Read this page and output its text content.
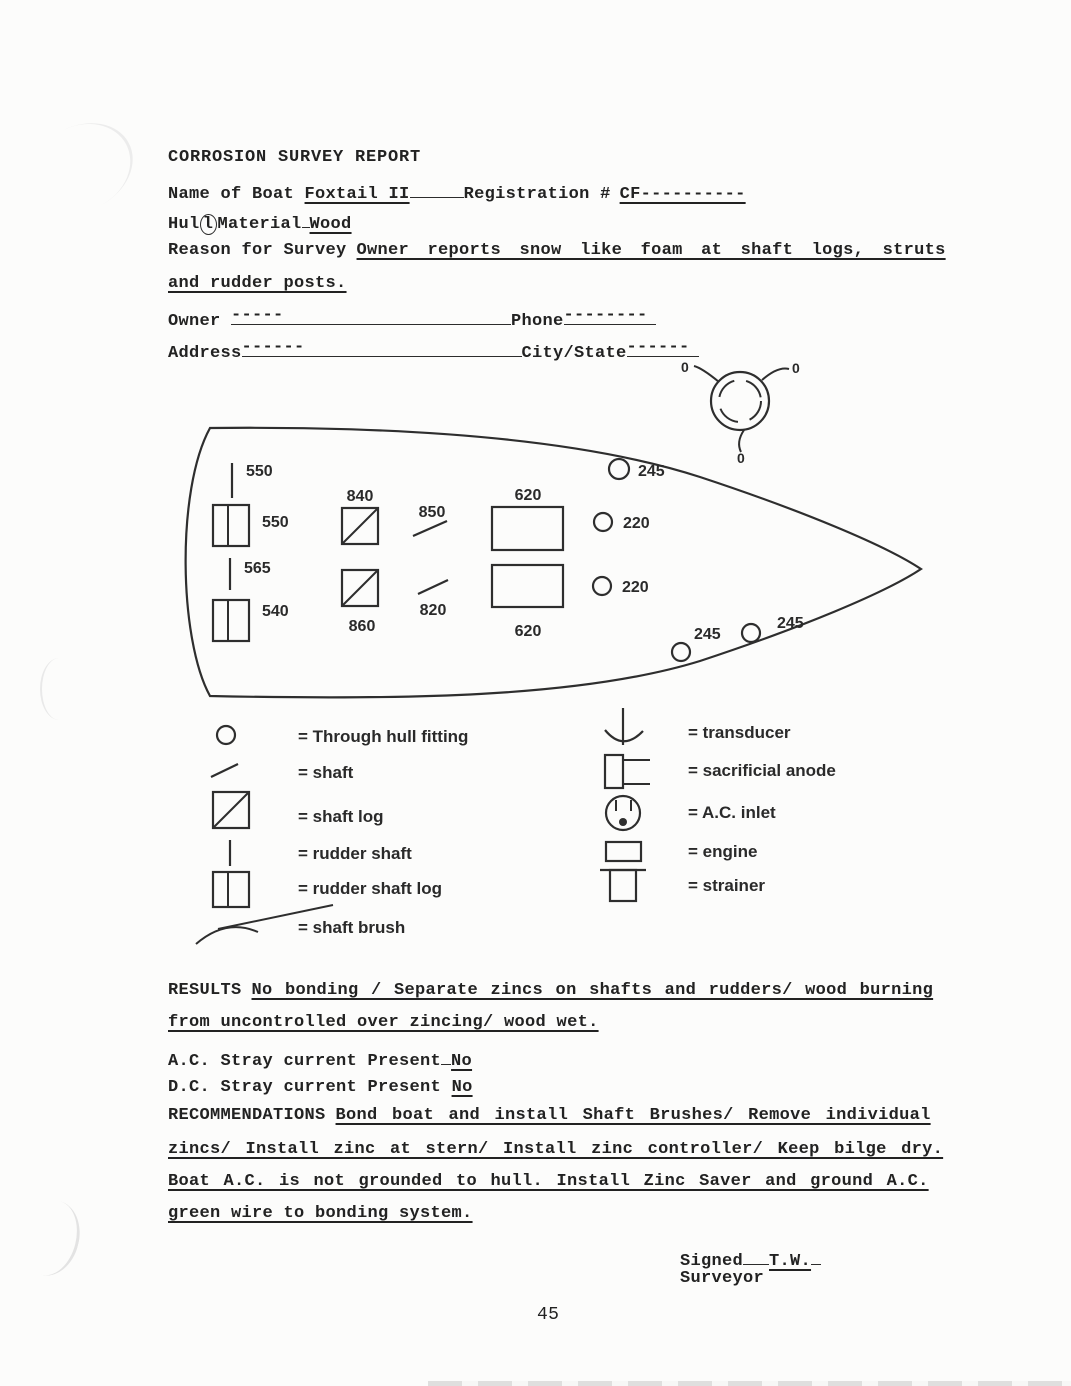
CORROSION SURVEY REPORT
Name of Boat Foxtail II	Registration # CF----------
Hul l Material Wood
Reason for Survey Owner reports snow like foam at shaft logs, struts
and rudder posts.
Owner -----	Phone--------
Address------	City/State------
0	0
0
550
565
550
540
840
860
850
820
620
620
245
220
220
245
245
= Through hull fitting
= shaft
= shaft log
= rudder shaft
= rudder shaft log
= shaft brush
= transducer
= sacrificial anode
= A.C. inlet
= engine
= strainer
RESULTS No bonding / Separate zincs on shafts and rudders/ wood burning
from uncontrolled over zincing/ wood wet.
A.C. Stray current Present No
D.C. Stray current Present No
RECOMMENDATIONS Bond boat and install Shaft Brushes/ Remove individual
zincs/ Install zinc at stern/ Install zinc controller/ Keep bilge dry.
Boat A.C. is not grounded to hull. Install Zinc Saver and ground A.C.
green wire to bonding system.
Signed T.W.
Surveyor
45
